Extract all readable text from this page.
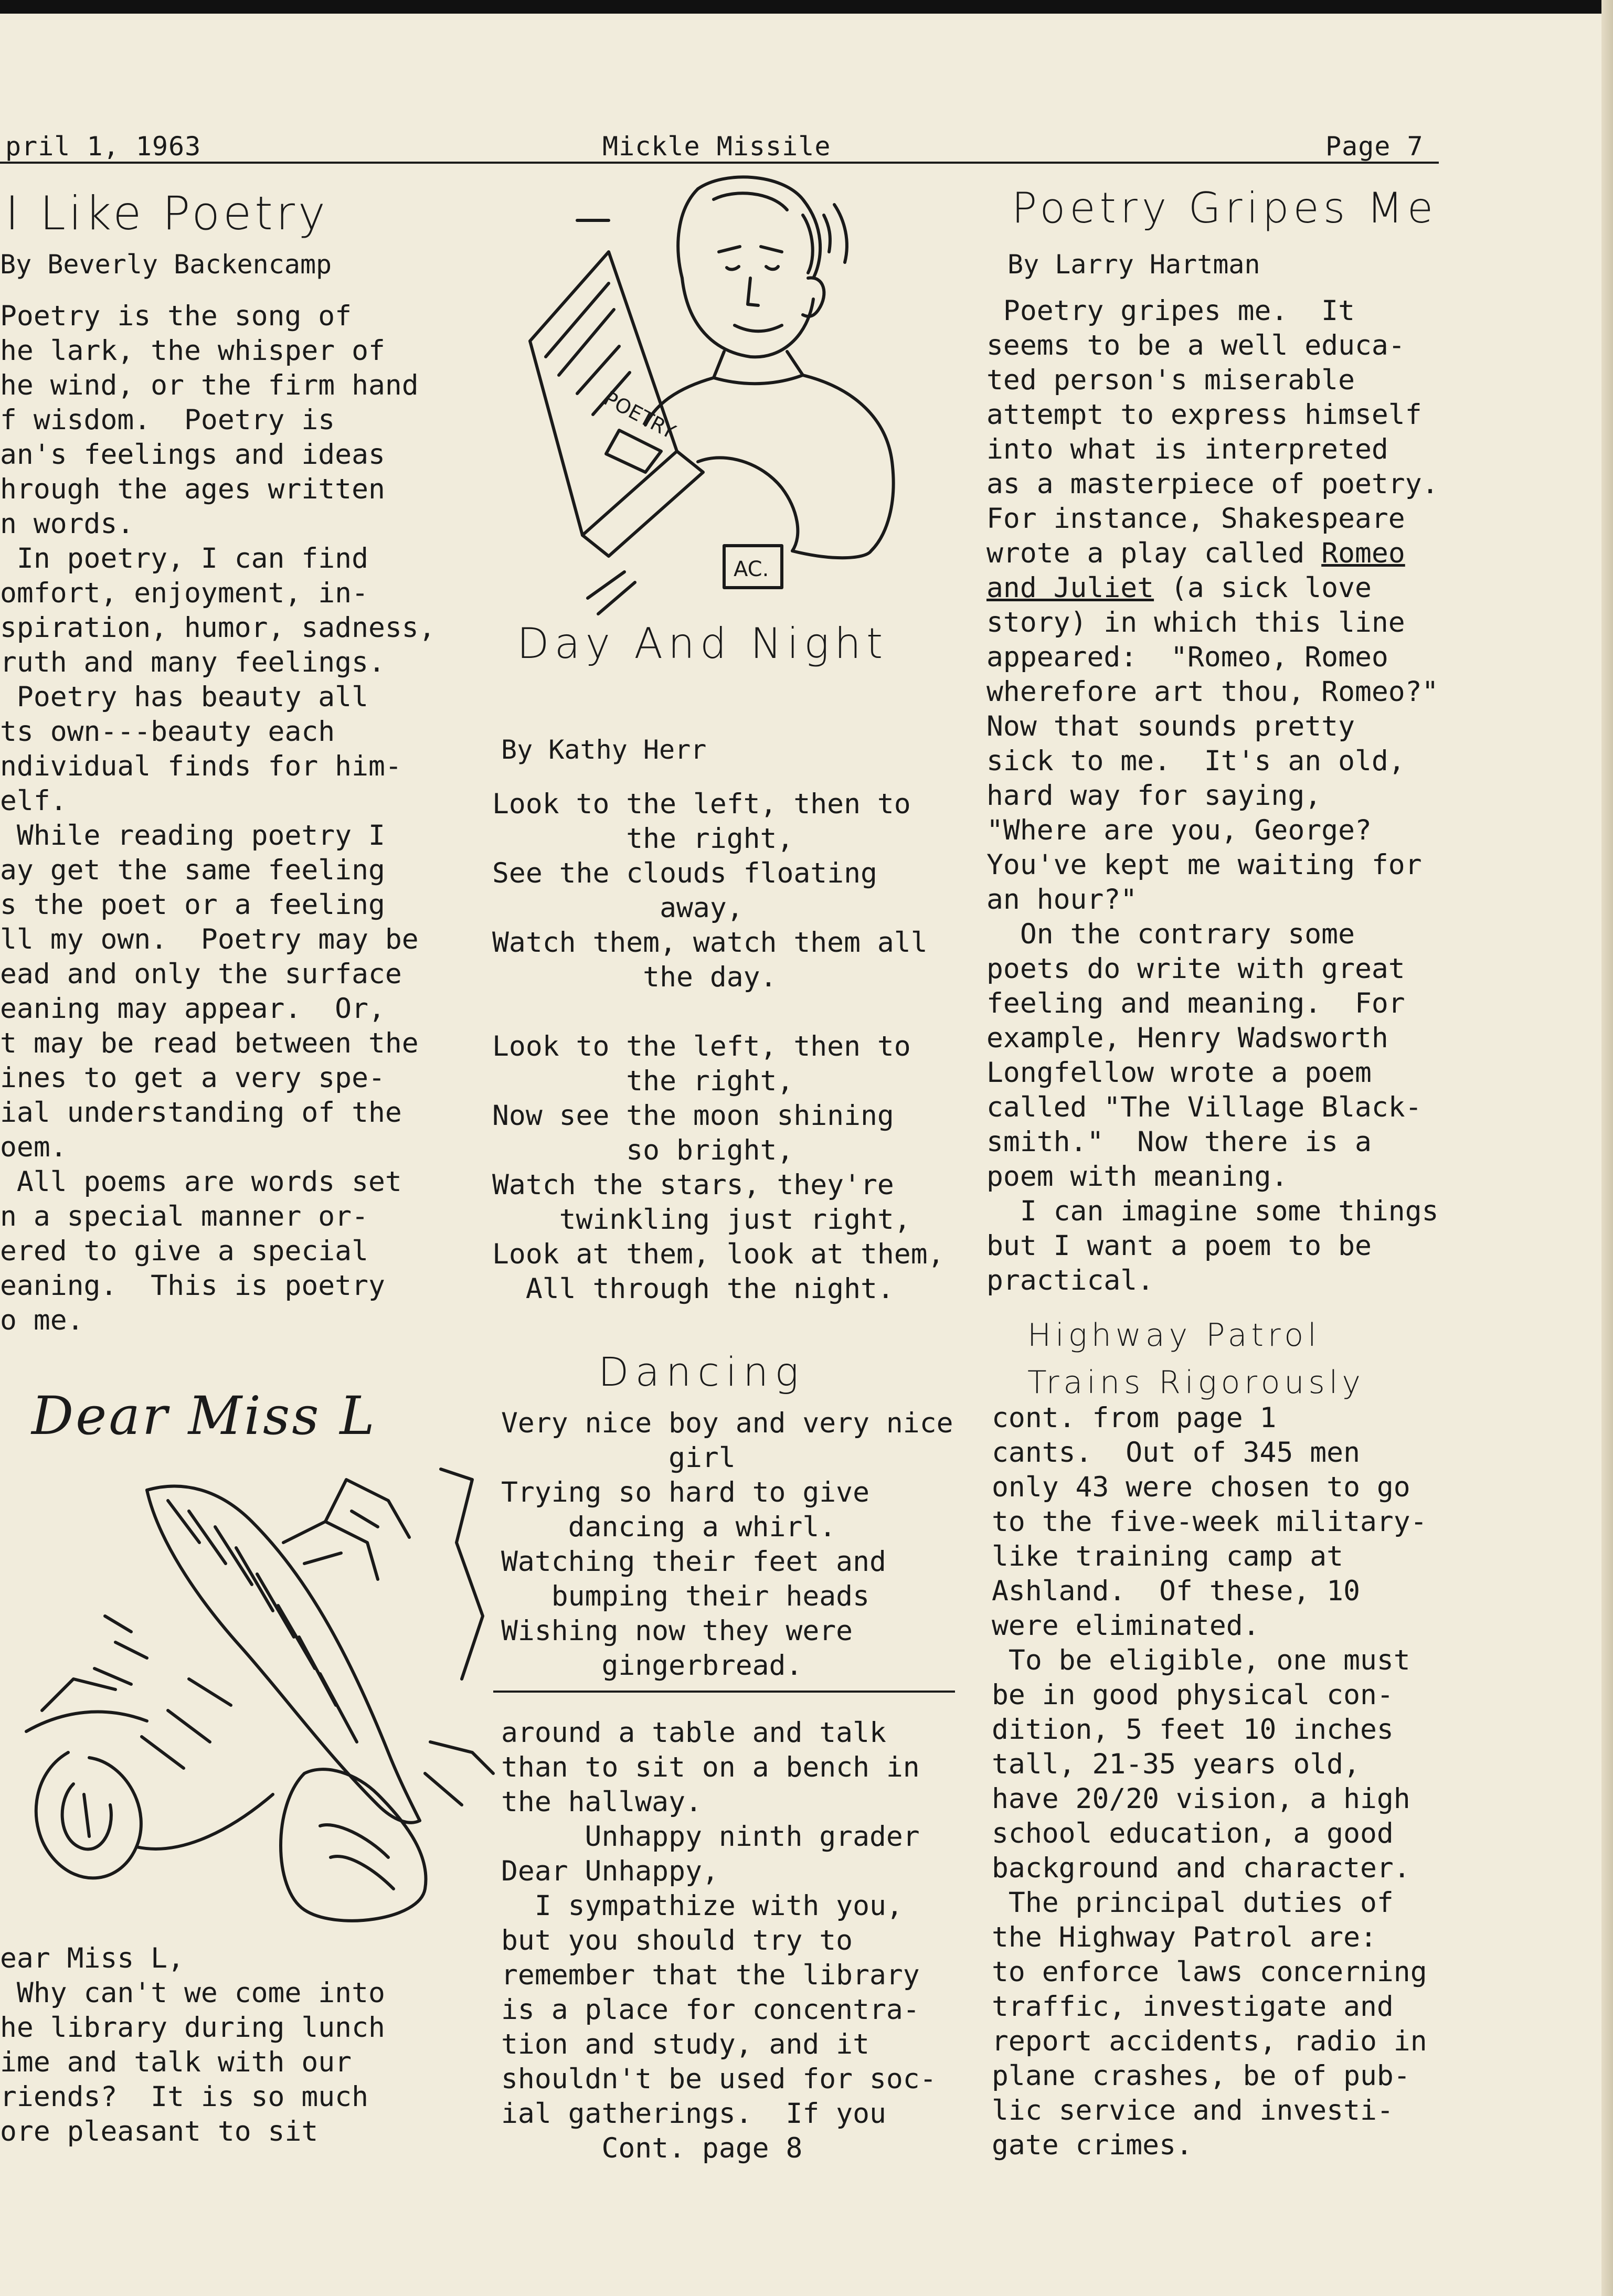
pril 1, 1963	Mickle Missile	Page 7
I Like Poetry
By Beverly Backencamp
Poetry is the song of
he lark, the whisper of
he wind, or the firm hand
f wisdom.  Poetry is
an's feelings and ideas
hrough the ages written
n words.
In poetry, I can find
omfort, enjoyment, in-
spiration, humor, sadness,
ruth and many feelings.
Poetry has beauty all
ts own---beauty each
ndividual finds for him-
elf.
While reading poetry I
ay get the same feeling
s the poet or a feeling
ll my own.  Poetry may be
ead and only the surface
eaning may appear.  Or,
t may be read between the
ines to get a very spe-
ial understanding of the
oem.
All poems are words set
n a special manner or-
ered to give a special
eaning.  This is poetry
o me.
POETRY
AC.
Day And Night
By Kathy Herr
Look to the left, then to
the right,
See the clouds floating
away,
Watch them, watch them all
the day.

Look to the left, then to
the right,
Now see the moon shining
so bright,
Watch the stars, they're
twinkling just right,
Look at them, look at them,
All through the night.
Dancing
Very nice boy and very nice
girl
Trying so hard to give
dancing a whirl.
Watching their feet and
bumping their heads
Wishing now they were
gingerbread.
Dear Miss L
ear Miss L,
Why can't we come into
he library during lunch
ime and talk with our
riends?  It is so much
ore pleasant to sit
around a table and talk
than to sit on a bench in
the hallway.
Unhappy ninth grader
Dear Unhappy,
I sympathize with you,
but you should try to
remember that the library
is a place for concentra-
tion and study, and it
shouldn't be used for soc-
ial gatherings.  If you
Cont. page 8
Poetry Gripes Me
By Larry Hartman
Poetry gripes me.  It
seems to be a well educa-
ted person's miserable
attempt to express himself
into what is interpreted
as a masterpiece of poetry.
For instance, Shakespeare
wrote a play called Romeo
and Juliet (a sick love
story) in which this line
appeared:  "Romeo, Romeo
wherefore art thou, Romeo?"
Now that sounds pretty
sick to me.  It's an old,
hard way for saying,
"Where are you, George?
You've kept me waiting for
an hour?"
On the contrary some
poets do write with great
feeling and meaning.  For
example, Henry Wadsworth
Longfellow wrote a poem
called "The Village Black-
smith."  Now there is a
poem with meaning.
I can imagine some things
but I want a poem to be
practical.
Highway Patrol
Trains Rigorously
cont. from page 1
cants.  Out of 345 men
only 43 were chosen to go
to the five-week military-
like training camp at
Ashland.  Of these, 10
were eliminated.
To be eligible, one must
be in good physical con-
dition, 5 feet 10 inches
tall, 21-35 years old,
have 20/20 vision, a high
school education, a good
background and character.
The principal duties of
the Highway Patrol are:
to enforce laws concerning
traffic, investigate and
report accidents, radio in
plane crashes, be of pub-
lic service and investi-
gate crimes.
